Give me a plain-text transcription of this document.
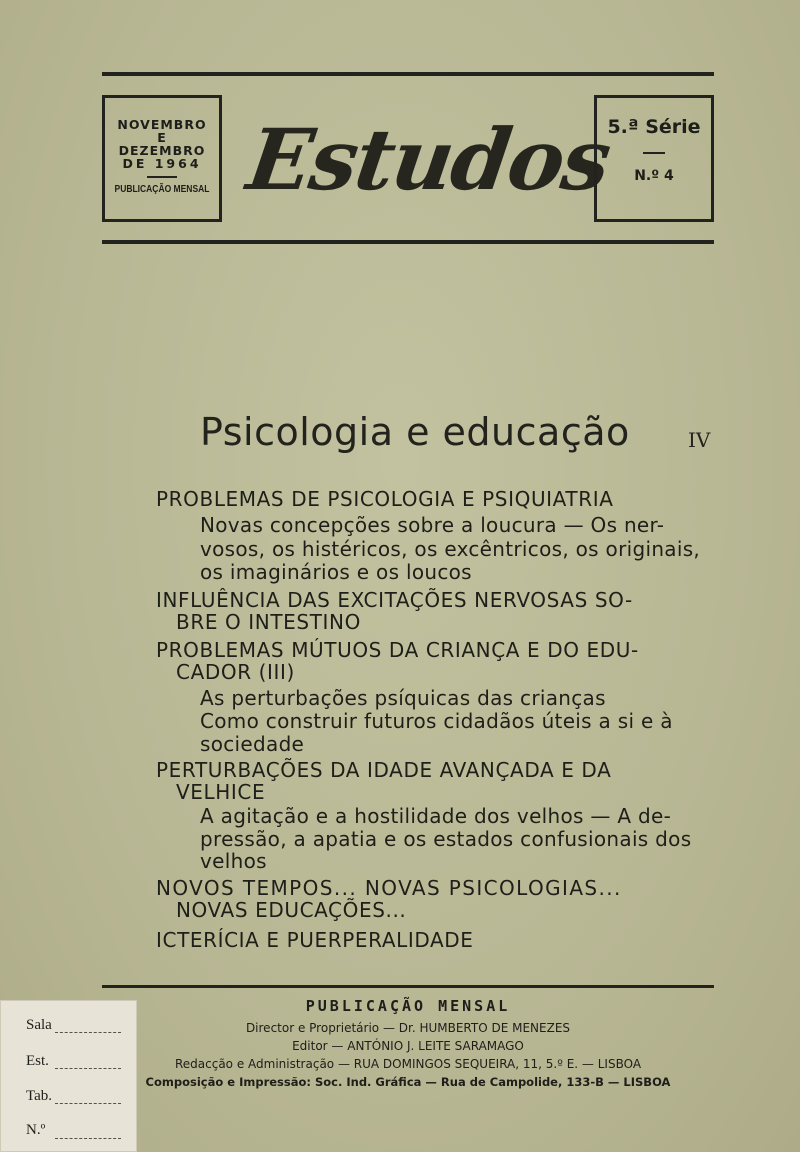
NOVEMBRO
E
DEZEMBRO
DE 1964
PUBLICAÇÃO MENSAL Estudos
5.ª Série
N.º 4
Psicologia e educação	IV
PROBLEMAS DE PSICOLOGIA E PSIQUIATRIA
Novas concepções sobre a loucura — Os ner-
vosos, os histéricos, os excêntricos, os originais,
os imaginários e os loucos
INFLUÊNCIA DAS EXCITAÇÕES NERVOSAS SO-
BRE O INTESTINO
PROBLEMAS MÚTUOS DA CRIANÇA E DO EDU-
CADOR (III)
As perturbações psíquicas das crianças
Como construir futuros cidadãos úteis a si e à
sociedade
PERTURBAÇÕES DA IDADE AVANÇADA E DA
VELHICE
A agitação e a hostilidade dos velhos — A de-
pressão, a apatia e os estados confusionais dos
velhos
NOVOS TEMPOS... NOVAS PSICOLOGIAS...
NOVAS EDUCAÇÕES...
ICTERÍCIA E PUERPERALIDADE
PUBLICAÇÃO MENSAL
Director e Proprietário — Dr. HUMBERTO DE MENEZES
Editor — ANTÓNIO J. LEITE SARAMAGO
Redacção e Administração — RUA DOMINGOS SEQUEIRA, 11, 5.º E. — LISBOA
Composição e Impressão: Soc. Ind. Gráfica — Rua de Campolide, 133-B — LISBOA
Sala
Est.
Tab.
N.º
